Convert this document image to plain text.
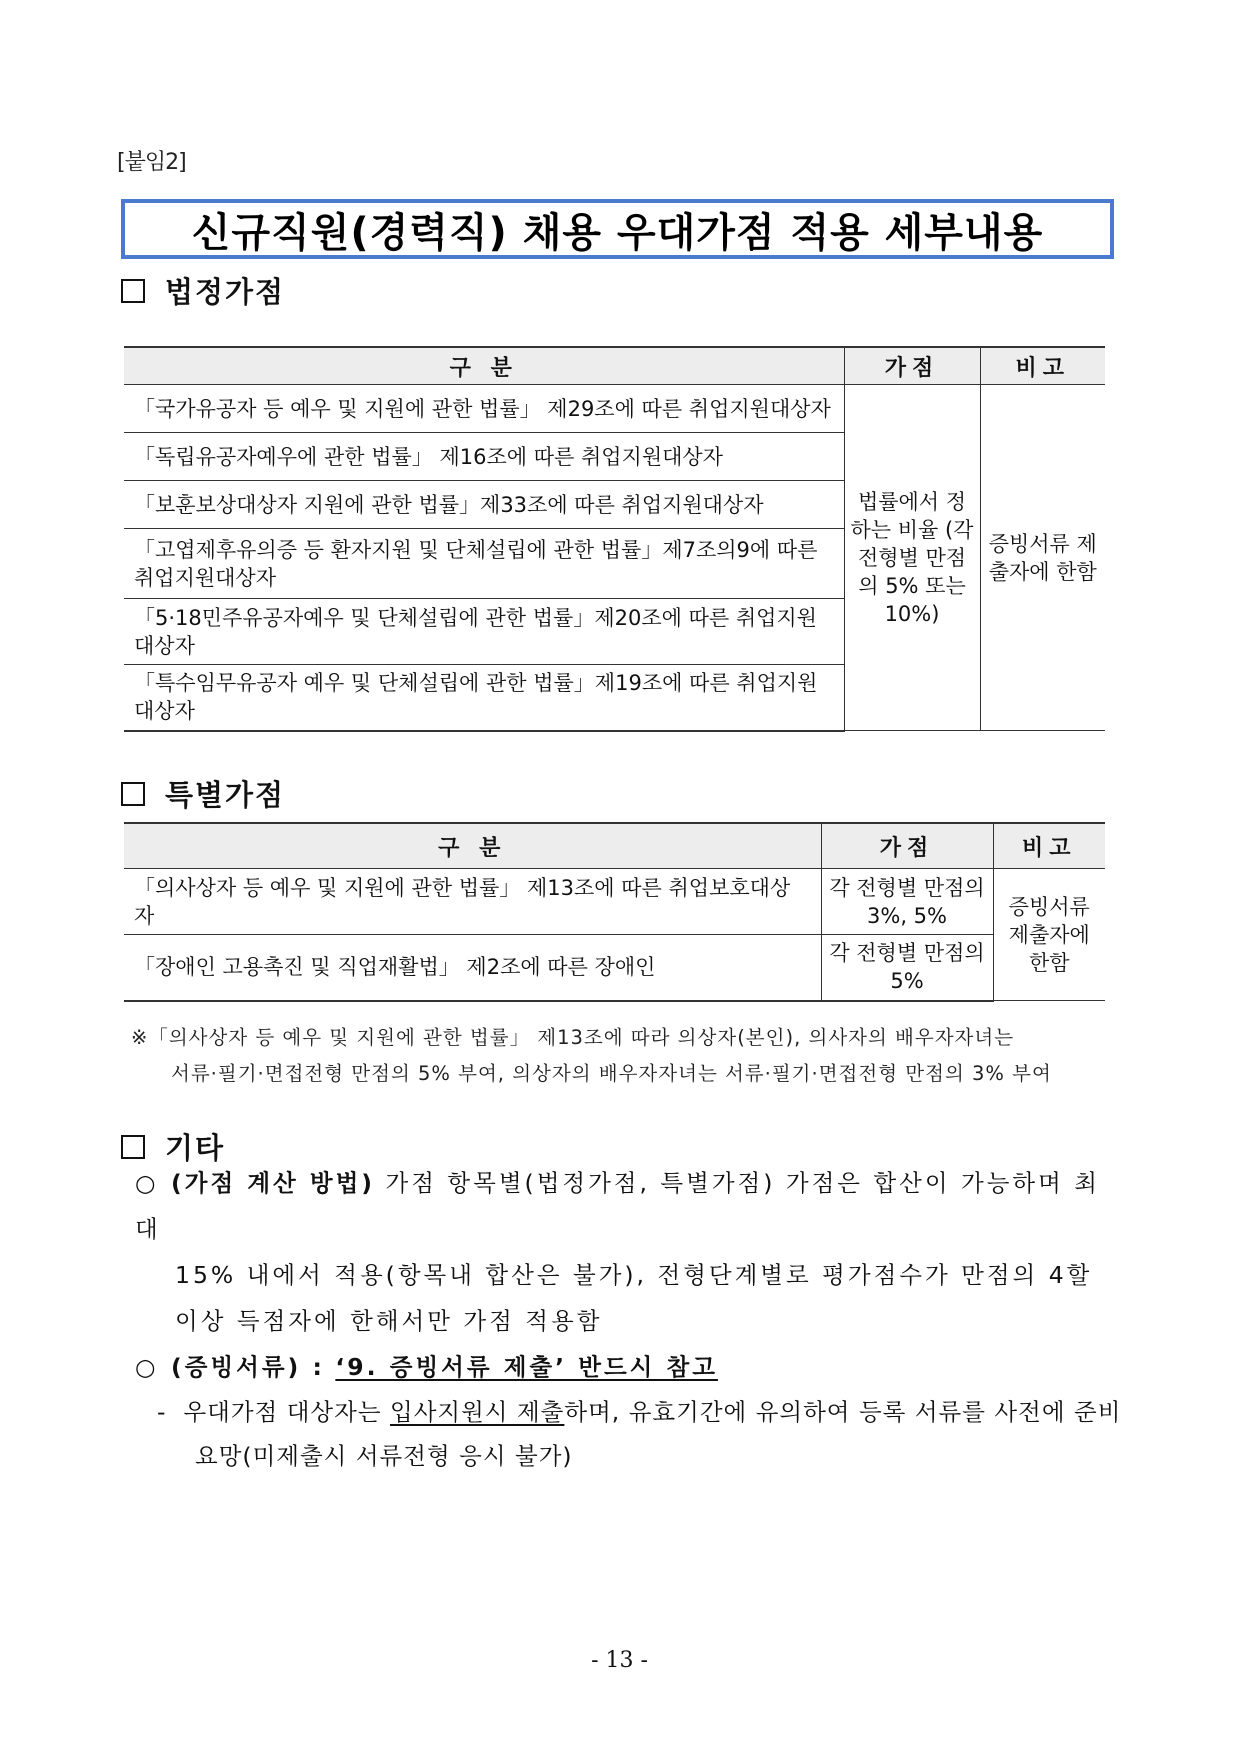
[붙임2]
신규직원(경력직) 채용 우대가점 적용 세부내용
법정가점
구 분	가점	비고
「국가유공자 등 예우 및 지원에 관한 법률」 제29조에 따른 취업지원대상자	법률에서 정하는 비율 (각 전형별 만점의 5% 또는 10%)	증빙서류 제출자에 한함
「독립유공자예우에 관한 법률」 제16조에 따른 취업지원대상자		
「보훈보상대상자 지원에 관한 법률」제33조에 따른 취업지원대상자		
「고엽제후유의증 등 환자지원 및 단체설립에 관한 법률」제7조의9에 따른 취업지원대상자		
「5·18민주유공자예우 및 단체설립에 관한 법률」제20조에 따른 취업지원대상자		
「특수임무유공자 예우 및 단체설립에 관한 법률」제19조에 따른 취업지원대상자		
특별가점
구 분	가점	비고
「의사상자 등 예우 및 지원에 관한 법률」 제13조에 따른 취업보호대상자	각 전형별 만점의 3%, 5%	증빙서류 제출자에 한함
「장애인 고용촉진 및 직업재활법」 제2조에 따른 장애인	각 전형별 만점의 5%	
※「의사상자 등 예우 및 지원에 관한 법률」 제13조에 따라 의상자(본인), 의사자의 배우자자녀는
서류·필기·면접전형 만점의 5% 부여, 의상자의 배우자자녀는 서류·필기·면접전형 만점의 3% 부여
기타
○ (가점 계산 방법) 가점 항목별(법정가점, 특별가점) 가점은 합산이 가능하며 최대
15% 내에서 적용(항목내 합산은 불가), 전형단계별로 평가점수가 만점의 4할
이상 득점자에 한해서만 가점 적용함
○ (증빙서류) : ‘9. 증빙서류 제출’ 반드시 참고
- 우대가점 대상자는 입사지원시 제출하며, 유효기간에 유의하여 등록 서류를 사전에 준비
요망(미제출시 서류전형 응시 불가)
- 13 -
